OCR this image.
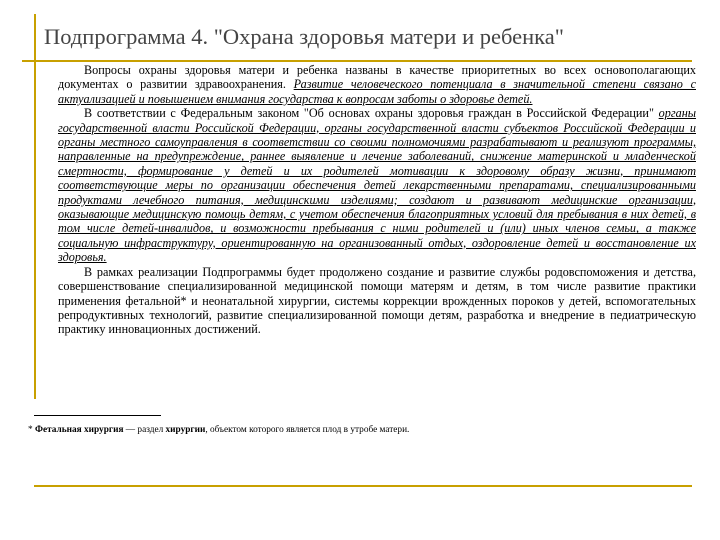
Подпрограмма 4. "Охрана здоровья матери и ребенка"

Вопросы охраны здоровья матери и ребенка названы в качестве приоритетных во всех основополагающих документах о развитии здравоохранения. Развитие человеческого потенциала в значительной степени связано с актуализацией и повышением внимания государства к вопросам заботы о здоровье детей.

В соответствии с Федеральным законом "Об основах охраны здоровья граждан в Российской Федерации" органы государственной власти Российской Федерации, органы государственной власти субъектов Российской Федерации и органы местного самоуправления в соответствии со своими полномочиями разрабатывают и реализуют программы, направленные на предупреждение, раннее выявление и лечение заболеваний, снижение материнской и младенческой смертности, формирование у детей и их родителей мотивации к здоровому образу жизни, принимают соответствующие меры по организации обеспечения детей лекарственными препаратами, специализированными продуктами лечебного питания, медицинскими изделиями; создают и развивают медицинские организации, оказывающие медицинскую помощь детям, с учетом обеспечения благоприятных условий для пребывания в них детей, в том числе детей-инвалидов, и возможности пребывания с ними родителей и (или) иных членов семьи, а также социальную инфраструктуру, ориентированную на организованный отдых, оздоровление детей и восстановление их здоровья.

В рамках реализации Подпрограммы будет продолжено создание и развитие службы родовспоможения и детства, совершенствование специализированной медицинской помощи матерям и детям, в том числе развитие практики применения фетальной* и неонатальной хирургии, системы коррекции врожденных пороков у детей, вспомогательных репродуктивных технологий, развитие специализированной помощи детям, разработка и внедрение в педиатрическую практику инновационных достижений.

* Фетальная хирургия — раздел хирургии, объектом которого является плод в утробе матери.
